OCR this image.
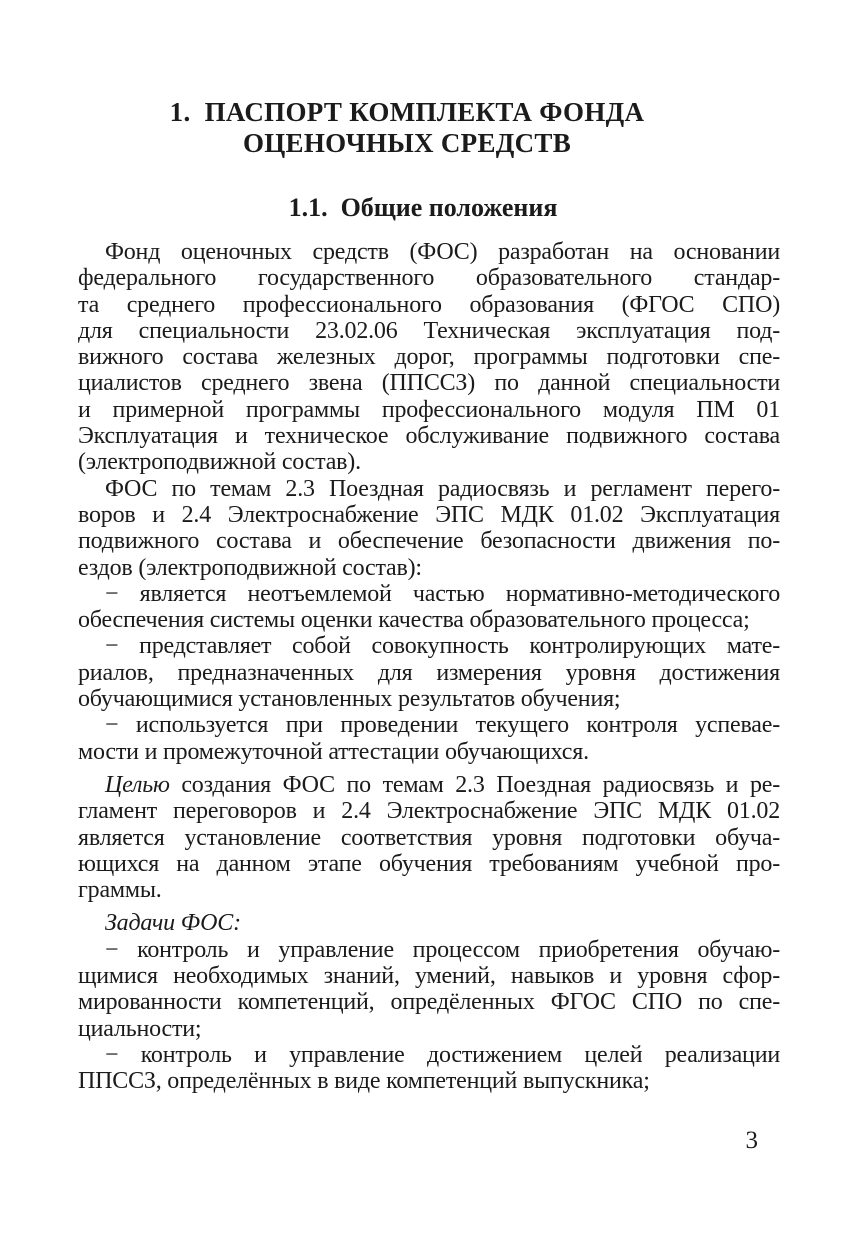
1.  ПАСПОРТ КОМПЛЕКТА ФОНДА
ОЦЕНОЧНЫХ СРЕДСТВ
1.1.  Общие положения
Фонд оценочных средств (ФОС) разработан на основании
федерального государственного образовательного стандар-
та среднего профессионального образования (ФГОС СПО)
для специальности 23.02.06 Техническая эксплуатация под-
вижного состава железных дорог, программы подготовки спе-
циалистов среднего звена (ППССЗ) по данной специальности
и примерной программы профессионального модуля ПМ 01
Эксплуатация и техническое обслуживание подвижного состава
(электроподвижной состав).
ФОС по темам 2.3 Поездная радиосвязь и регламент перего-
воров и 2.4 Электроснабжение ЭПС МДК 01.02 Эксплуатация
подвижного состава и обеспечение безопасности движения по-
ездов (электроподвижной состав):
− является неотъемлемой частью нормативно-методического
обеспечения системы оценки качества образовательного процесса;
− представляет собой совокупность контролирующих мате-
риалов, предназначенных для измерения уровня достижения
обучающимися установленных результатов обучения;
− используется при проведении текущего контроля успевае-
мости и промежуточной аттестации обучающихся.
Целью создания ФОС по темам 2.3 Поездная радиосвязь и ре-
гламент переговоров и 2.4 Электроснабжение ЭПС МДК 01.02
является установление соответствия уровня подготовки обуча-
ющихся на данном этапе обучения требованиям учебной про-
граммы.
Задачи ФОС:
− контроль и управление процессом приобретения обучаю-
щимися необходимых знаний, умений, навыков и уровня сфор-
мированности компетенций, опредёленных ФГОС СПО по спе-
циальности;
− контроль и управление достижением целей реализации
ППССЗ, определённых в виде компетенций выпускника;
3
